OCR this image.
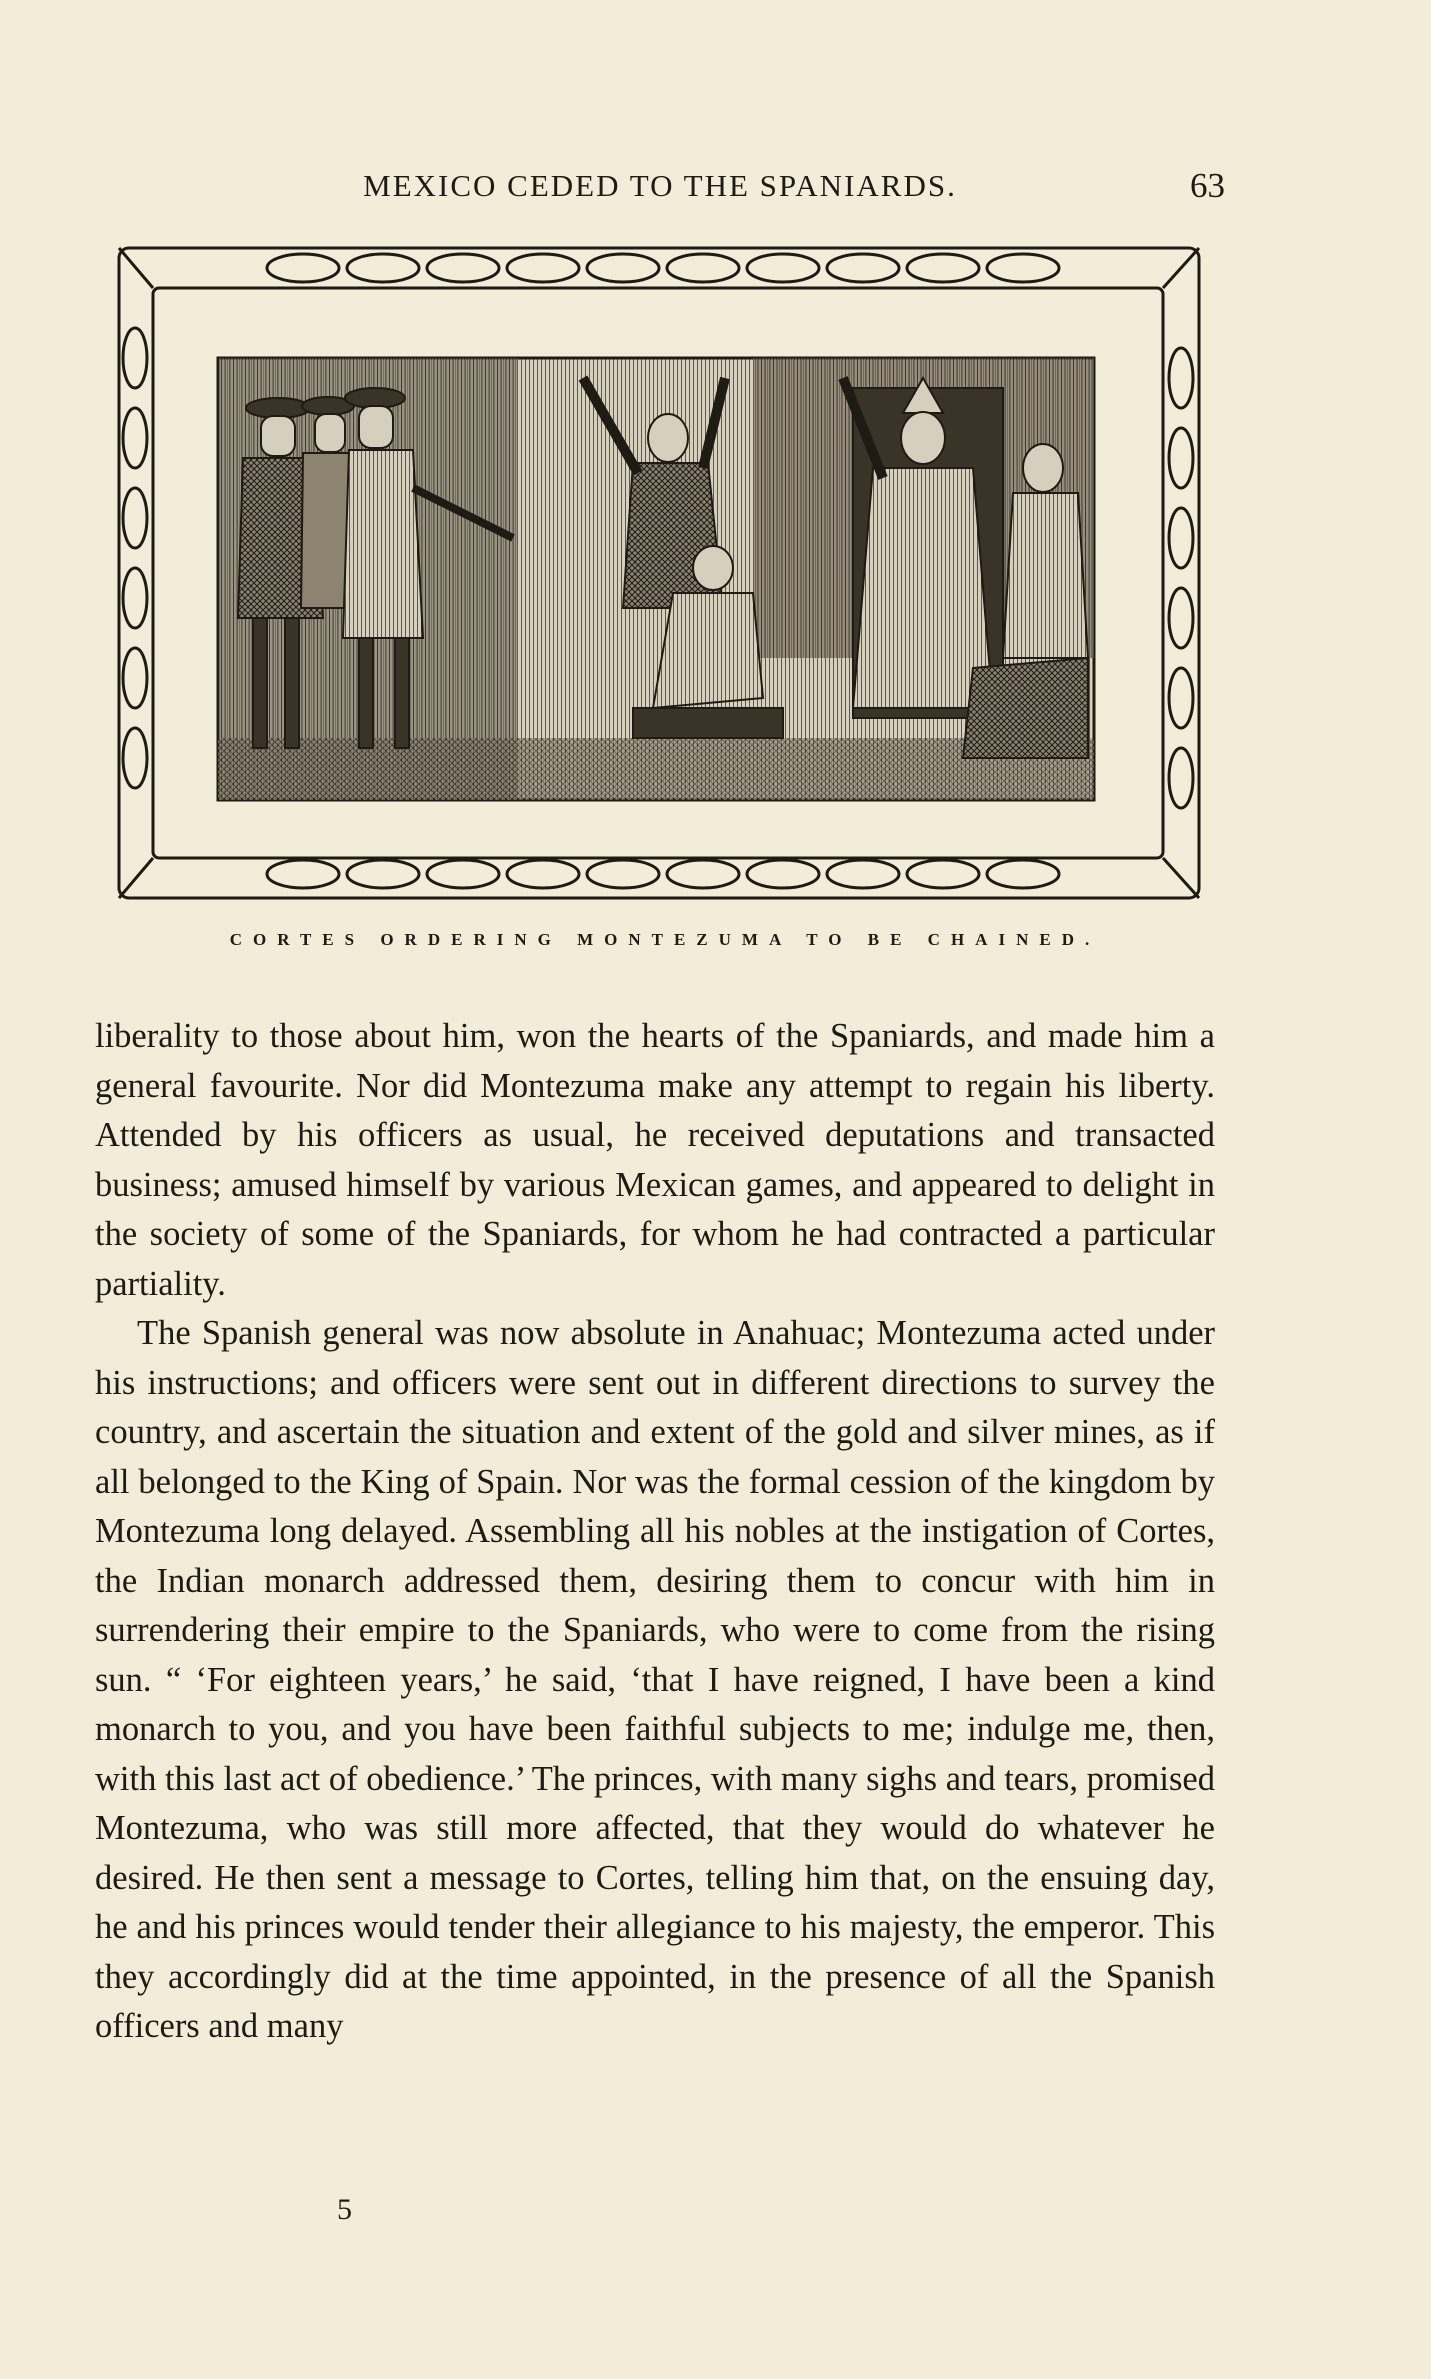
MEXICO CEDED TO THE SPANIARDS.	63
CORTES ORDERING MONTEZUMA TO BE CHAINED.

liberality to those about him, won the hearts of the Spaniards, and made him a general favourite. Nor did Montezuma make any attempt to regain his liberty. Attended by his officers as usual, he received deputations and transacted business; amused himself by various Mexican games, and appeared to delight in the society of some of the Spaniards, for whom he had contracted a particular partiality.

The Spanish general was now absolute in Anahuac; Montezuma acted under his instructions; and officers were sent out in different directions to survey the country, and ascertain the situation and extent of the gold and silver mines, as if all belonged to the King of Spain. Nor was the formal cession of the kingdom by Montezuma long delayed. Assembling all his nobles at the instigation of Cortes, the Indian monarch addressed them, desiring them to concur with him in surrendering their empire to the Spaniards, who were to come from the rising sun. “ ‘For eighteen years,’ he said, ‘that I have reigned, I have been a kind monarch to you, and you have been faithful subjects to me; indulge me, then, with this last act of obedience.’ The princes, with many sighs and tears, promised Montezuma, who was still more affected, that they would do whatever he desired. He then sent a message to Cortes, telling him that, on the ensuing day, he and his princes would tender their allegiance to his majesty, the emperor. This they accordingly did at the time appointed, in the presence of all the Spanish officers and many

5
